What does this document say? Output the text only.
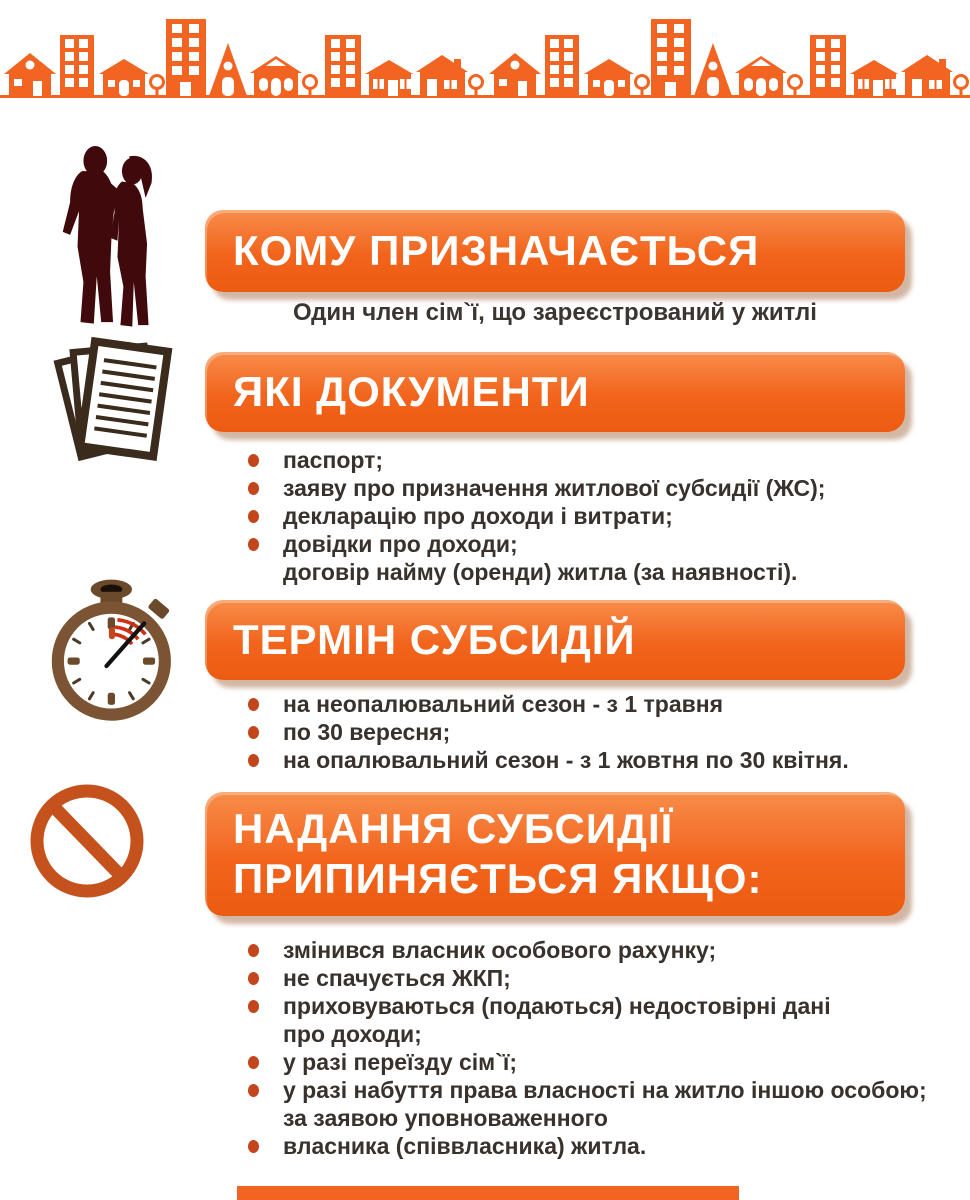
КОМУ ПРИЗНАЧАЄТЬСЯ
Один член сім`ї, що зареєстрований у житлі
ЯКІ ДОКУМЕНТИ
паспорт;
заяву про призначення житлової субсидії (ЖС);
декларацію про доходи і витрати;
довідки про доходи;
договір найму (оренди) житла (за наявності).
ТЕРМІН СУБСИДІЙ
на неопалювальний сезон - з 1 травня
по 30 вересня;
на опалювальний сезон - з 1 жовтня по 30 квітня.
НАДАННЯ СУБСИДІЇ ПРИПИНЯЄТЬСЯ ЯКЩО:
змінився власник особового рахунку;
не спачується ЖКП;
приховуваються (подаються) недостовірні дані
про доходи;
у разі переїзду сім`ї;
у разі набуття права власності на житло іншою особою;
за заявою уповноваженного
власника (співвласника) житла.
